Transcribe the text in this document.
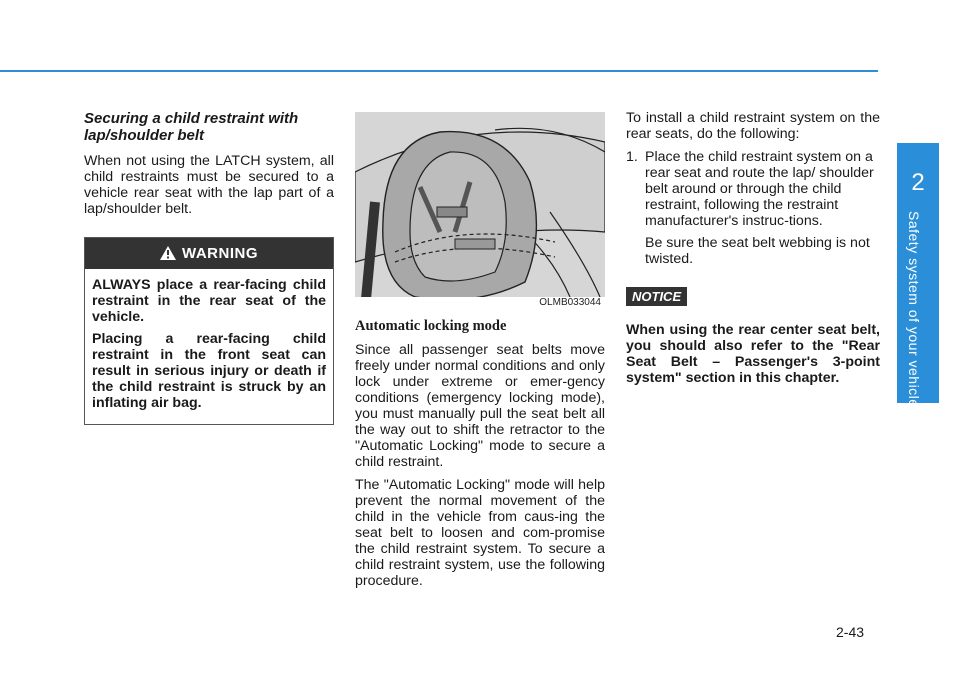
2
Safety system of your vehicle
Securing a child restraint with lap/shoulder belt

When not using the LATCH system, all child restraints must be secured to a vehicle rear seat with the lap part of a lap/shoulder belt.

WARNING

ALWAYS place a rear-facing child restraint in the rear seat of the vehicle.

Placing a rear-facing child restraint in the front seat can result in serious injury or death if the child restraint is struck by an inflating air bag.

OLMB033044
Automatic locking mode

Since all passenger seat belts move freely under normal conditions and only lock under extreme or emer-gency conditions (emergency locking mode), you must manually pull the seat belt all the way out to shift the retractor to the "Automatic Locking" mode to secure a child restraint.

The "Automatic Locking" mode will help prevent the normal movement of the child in the vehicle from caus-ing the seat belt to loosen and com-promise the child restraint system. To secure a child restraint system, use the following procedure.

To install a child restraint system on the rear seats, do the following:

1. Place the child restraint system on a rear seat and route the lap/ shoulder belt around or through the child restraint, following the restraint manufacturer's instruc-tions.
Be sure the seat belt webbing is not twisted.
NOTICE
When using the rear center seat belt, you should also refer to the "Rear Seat Belt – Passenger's 3-point system" section in this chapter.
2-43
